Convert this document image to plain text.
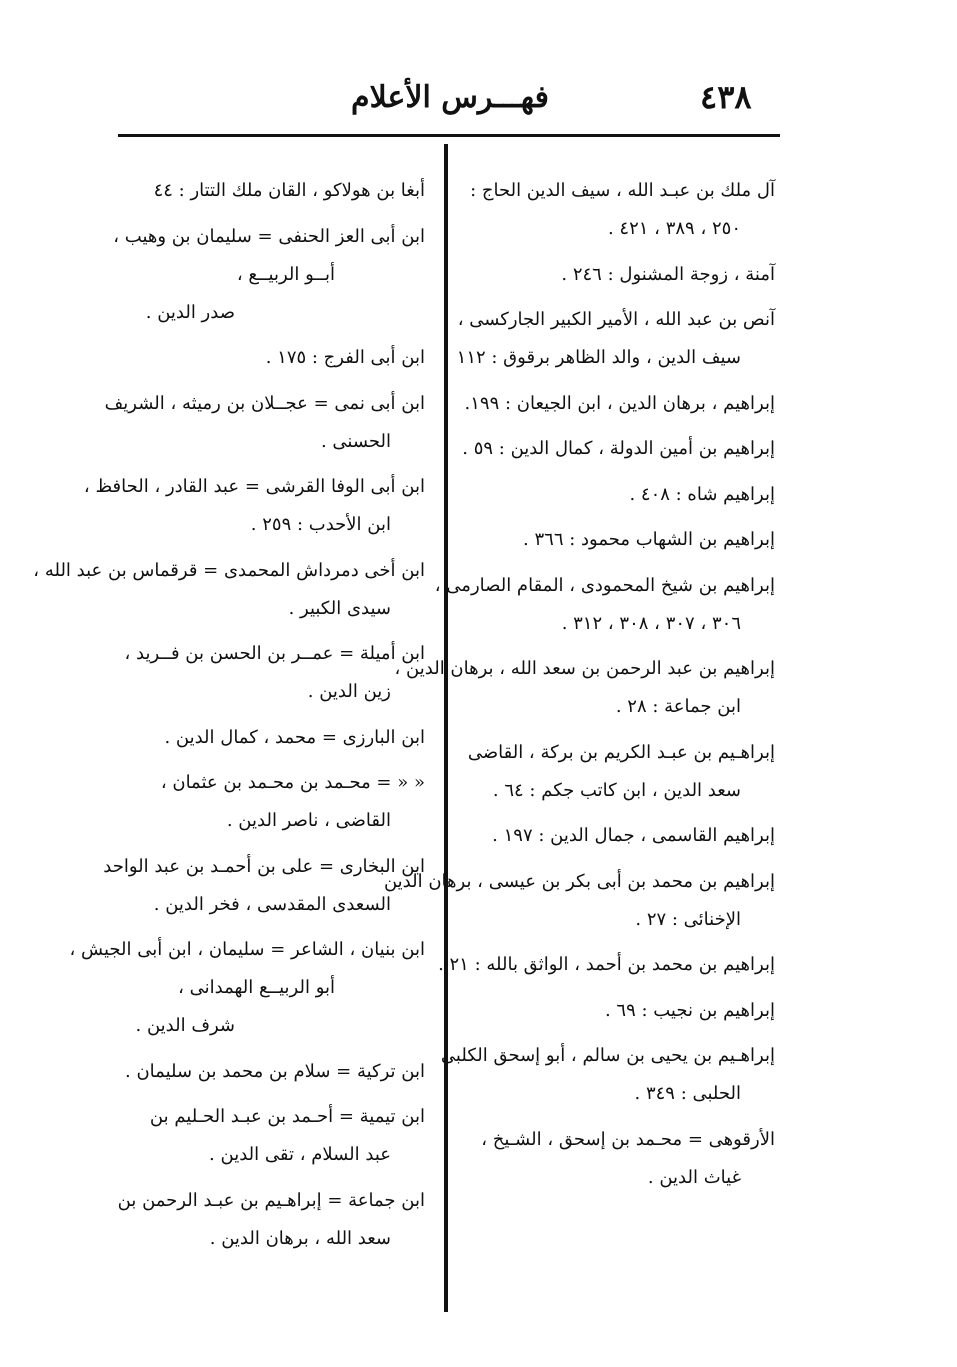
٤٣٨
فهـــرس الأعلام
آل ملك بن عبـد الله ، سيف الدين الحاج :
٢٥٠ ، ٣٨٩ ، ٤٢١ .
آمنة ، زوجة المشنول : ٢٤٦ .
آنص بن عبد الله ، الأمير الكبير الجاركسى ،
سيف الدين ، والد الظاهر برقوق : ١١٢
إبراهيم ، برهان الدين ، ابن الجيعان : ١٩٩.
إبراهيم بن أمين الدولة ، كمال الدين : ٥٩ .
إبراهيم شاه : ٤٠٨ .
إبراهيم بن الشهاب محمود : ٣٦٦ .
إبراهيم بن شيخ المحمودى ، المقام الصارمى ،
٣٠٦ ، ٣٠٧ ، ٣٠٨ ، ٣١٢ .
إبراهيم بن عبد الرحمن بن سعد الله ، برهان الدين ،
ابن جماعة : ٢٨ .
إبراهـيم بن عبـد الكريم بن بركة ، القاضى
سعد الدين ، ابن كاتب جكم : ٦٤ .
إبراهيم القاسمى ، جمال الدين : ١٩٧ .
إبراهيم بن محمد بن أبى بكر بن عيسى ، برهان الدين
الإخنائى : ٢٧ .
إبراهيم بن محمد بن أحمد ، الواثق بالله : ٢١ .
إبراهيم بن نجيب : ٦٩ .
إبراهـيم بن يحيى بن سالم ، أبو إسحق الكلبى
الحلبى : ٣٤٩ .
الأرقوهى = محـمد بن إسحق ، الشـيخ ،
غياث الدين .
أبغا بن هولاكو ، القان ملك التتار : ٤٤
ابن أبى العز الحنفى = سليمان بن وهيب ،
أبــو الربيــع ،
صدر الدين .
ابن أبى الفرج : ١٧٥ .
ابن أبى نمى = عجــلان بن رميثه ، الشريف
الحسنى .
ابن أبى الوفا القرشى = عبد القادر ، الحافظ ،
ابن الأحدب : ٢٥٩ .
ابن أخى دمرداش المحمدى = قرقماس بن عبد الله ،
سيدى الكبير .
ابن أميلة = عمــر بن الحسن بن فــريد ،
زين الدين .
ابن البارزى = محمد ، كمال الدين .
« « = محـمد بن محـمد بن عثمان ،
القاضى ، ناصر الدين .
ابن البخارى = على بن أحمـد بن عبد الواحد
السعدى المقدسى ، فخر الدين .
ابن بنيان ، الشاعر = سليمان ، ابن أبى الجيش ،
أبو الربيــع الهمدانى ،
شرف الدين .
ابن تركية = سلام بن محمد بن سليمان .
ابن تيمية = أحـمد بن عبـد الحـليم بن
عبد السلام ، تقى الدين .
ابن جماعة = إبراهـيم بن عبـد الرحمن بن
سعد الله ، برهان الدين .
